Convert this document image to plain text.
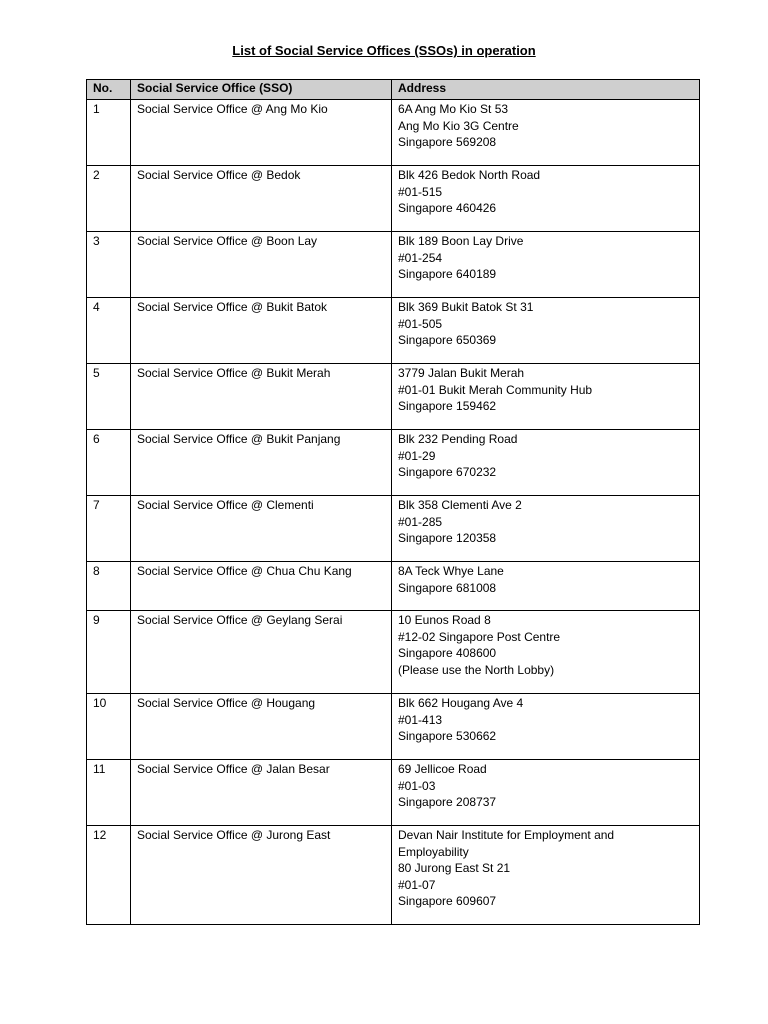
List of Social Service Offices (SSOs) in operation
No.	Social Service Office (SSO)	Address
1	Social Service Office @ Ang Mo Kio	6A Ang Mo Kio St 53
Ang Mo Kio 3G Centre
Singapore 569208

2	Social Service Office @ Bedok	Blk 426 Bedok North Road
#01-515
Singapore 460426

3	Social Service Office @ Boon Lay	Blk 189 Boon Lay Drive
#01-254
Singapore 640189

4	Social Service Office @ Bukit Batok	Blk 369 Bukit Batok St 31
#01-505
Singapore 650369

5	Social Service Office @ Bukit Merah	3779 Jalan Bukit Merah
#01-01 Bukit Merah Community Hub
Singapore 159462

6	Social Service Office @ Bukit Panjang	Blk 232 Pending Road
#01-29
Singapore 670232

7	Social Service Office @ Clementi	Blk 358 Clementi Ave 2
#01-285
Singapore 120358

8	Social Service Office @ Chua Chu Kang	8A Teck Whye Lane
Singapore 681008

9	Social Service Office @ Geylang Serai	10 Eunos Road 8
#12-02 Singapore Post Centre
Singapore 408600
(Please use the North Lobby)

10	Social Service Office @ Hougang	Blk 662 Hougang Ave 4
#01-413
Singapore 530662

11	Social Service Office @ Jalan Besar	69 Jellicoe Road
#01-03
Singapore 208737

12	Social Service Office @ Jurong East	Devan Nair Institute for Employment and
Employability
80 Jurong East St 21
#01-07
Singapore 609607
